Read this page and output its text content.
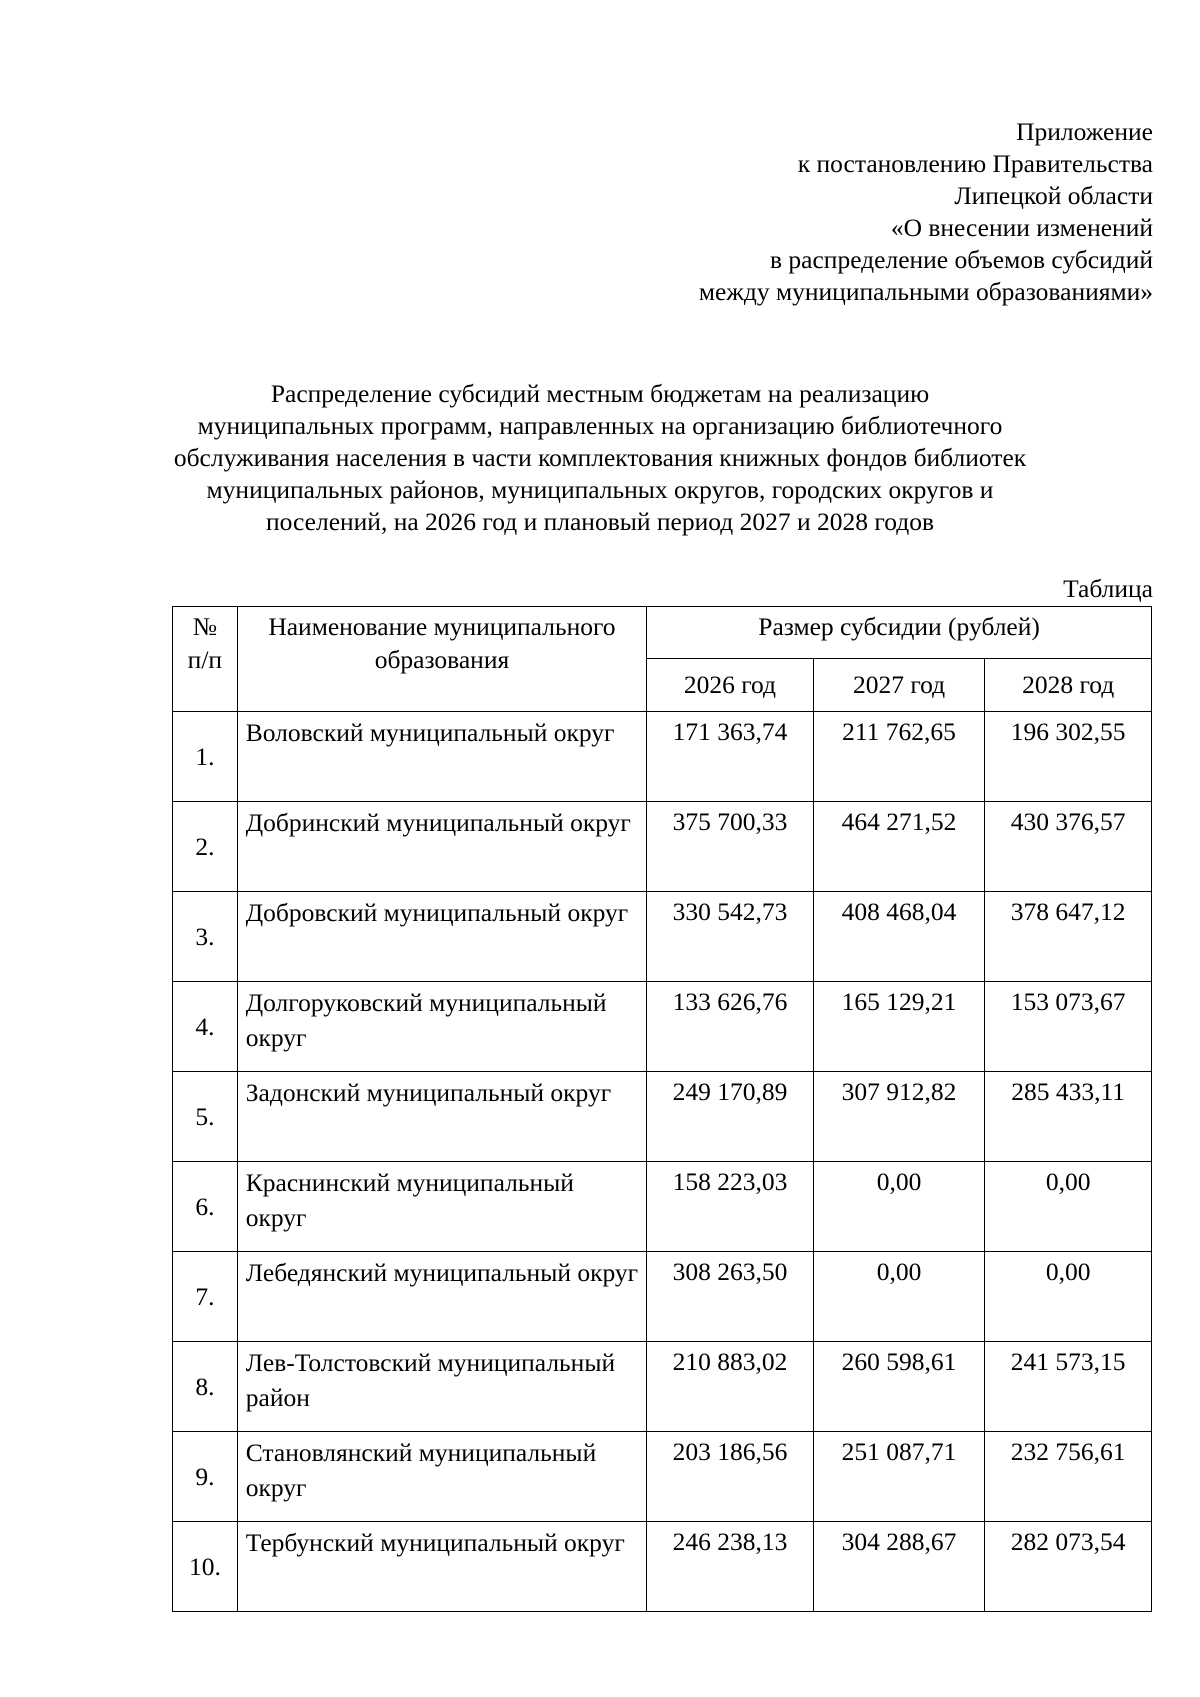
Приложение
к постановлению Правительства
Липецкой области
«О внесении изменений
в распределение объемов субсидий
между муниципальными образованиями»
Распределение субсидий местным бюджетам на реализацию
муниципальных программ, направленных на организацию библиотечного
обслуживания населения в части комплектования книжных фондов библиотек
муниципальных районов, муниципальных округов, городских округов и
поселений, на 2026 год и плановый период 2027 и 2028 годов
Таблица
№
п/п	Наименование муниципального образования	Размер субсидии (рублей)		
		2026 год	2027 год	2028 год
1.	Воловский муниципальный округ	171 363,74	211 762,65	196 302,55
2.	Добринский муниципальный округ	375 700,33	464 271,52	430 376,57
3.	Добровский муниципальный округ	330 542,73	408 468,04	378 647,12
4.	Долгоруковский муниципальный округ	133 626,76	165 129,21	153 073,67
5.	Задонский муниципальный округ	249 170,89	307 912,82	285 433,11
6.	Краснинский муниципальный округ	158 223,03	0,00	0,00
7.	Лебедянский муниципальный округ	308 263,50	0,00	0,00
8.	Лев-Толстовский муниципальный район	210 883,02	260 598,61	241 573,15
9.	Становлянский муниципальный округ	203 186,56	251 087,71	232 756,61
10.	Тербунский муниципальный округ	246 238,13	304 288,67	282 073,54
